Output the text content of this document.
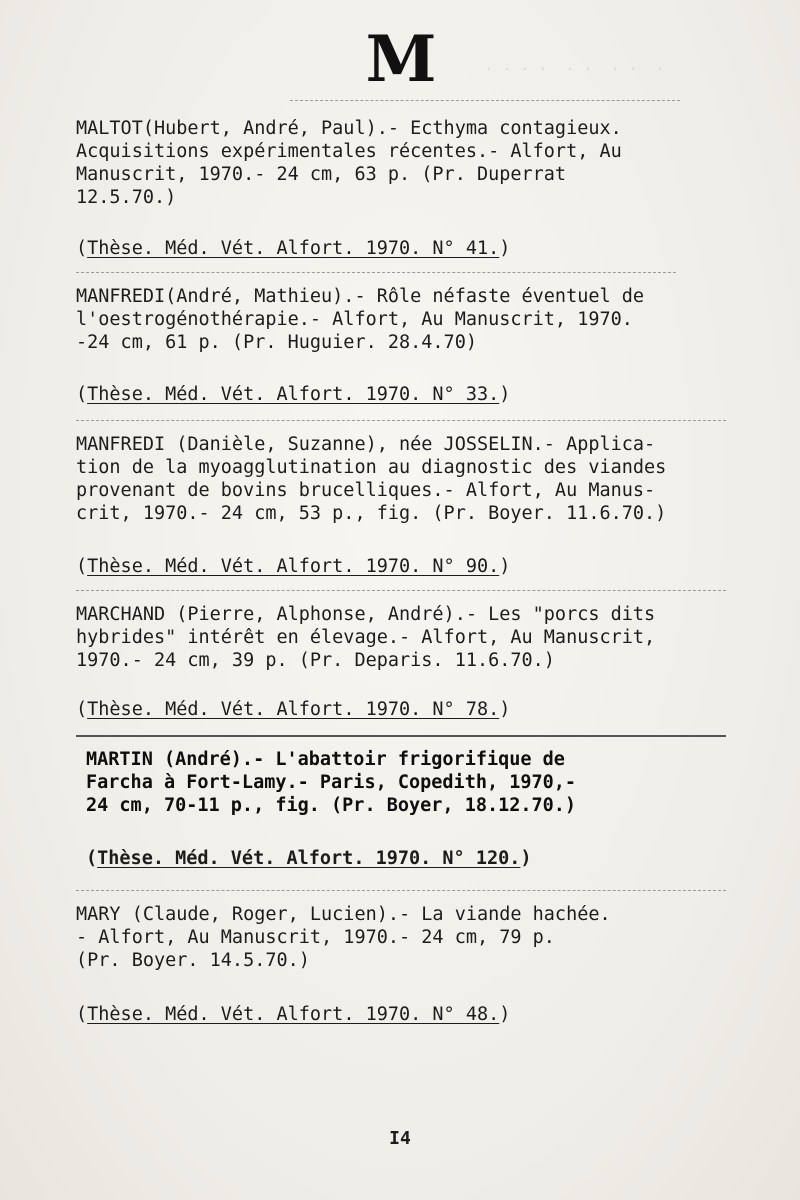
· · · ·  · ·  · ·  ·
M
MALTOT(Hubert, André, Paul).- Ecthyma contagieux.
Acquisitions expérimentales récentes.- Alfort, Au
Manuscrit, 1970.- 24 cm, 63 p. (Pr. Duperrat
12.5.70.)
(Thèse. Méd. Vét. Alfort. 1970. N° 41.)
MANFREDI(André, Mathieu).- Rôle néfaste éventuel de
l'oestrogénothérapie.- Alfort, Au Manuscrit, 1970.
-24 cm, 61 p. (Pr. Huguier. 28.4.70)
(Thèse. Méd. Vét. Alfort. 1970. N° 33.)
MANFREDI (Danièle, Suzanne), née JOSSELIN.- Applica-
tion de la myoagglutination au diagnostic des viandes
provenant de bovins brucelliques.- Alfort, Au Manus-
crit, 1970.- 24 cm, 53 p., fig. (Pr. Boyer. 11.6.70.)
(Thèse. Méd. Vét. Alfort. 1970. N° 90.)
MARCHAND (Pierre, Alphonse, André).- Les "porcs dits
hybrides" intérêt en élevage.- Alfort, Au Manuscrit,
1970.- 24 cm, 39 p. (Pr. Deparis. 11.6.70.)
(Thèse. Méd. Vét. Alfort. 1970. N° 78.)
MARTIN (André).- L'abattoir frigorifique de
Farcha à Fort-Lamy.- Paris, Copedith, 1970,-
24 cm, 70-11 p., fig. (Pr. Boyer, 18.12.70.)
(Thèse. Méd. Vét. Alfort. 1970. N° 120.)
MARY (Claude, Roger, Lucien).- La viande hachée.
- Alfort, Au Manuscrit, 1970.- 24 cm, 79 p.
(Pr. Boyer. 14.5.70.)
(Thèse. Méd. Vét. Alfort. 1970. N° 48.)
I4
